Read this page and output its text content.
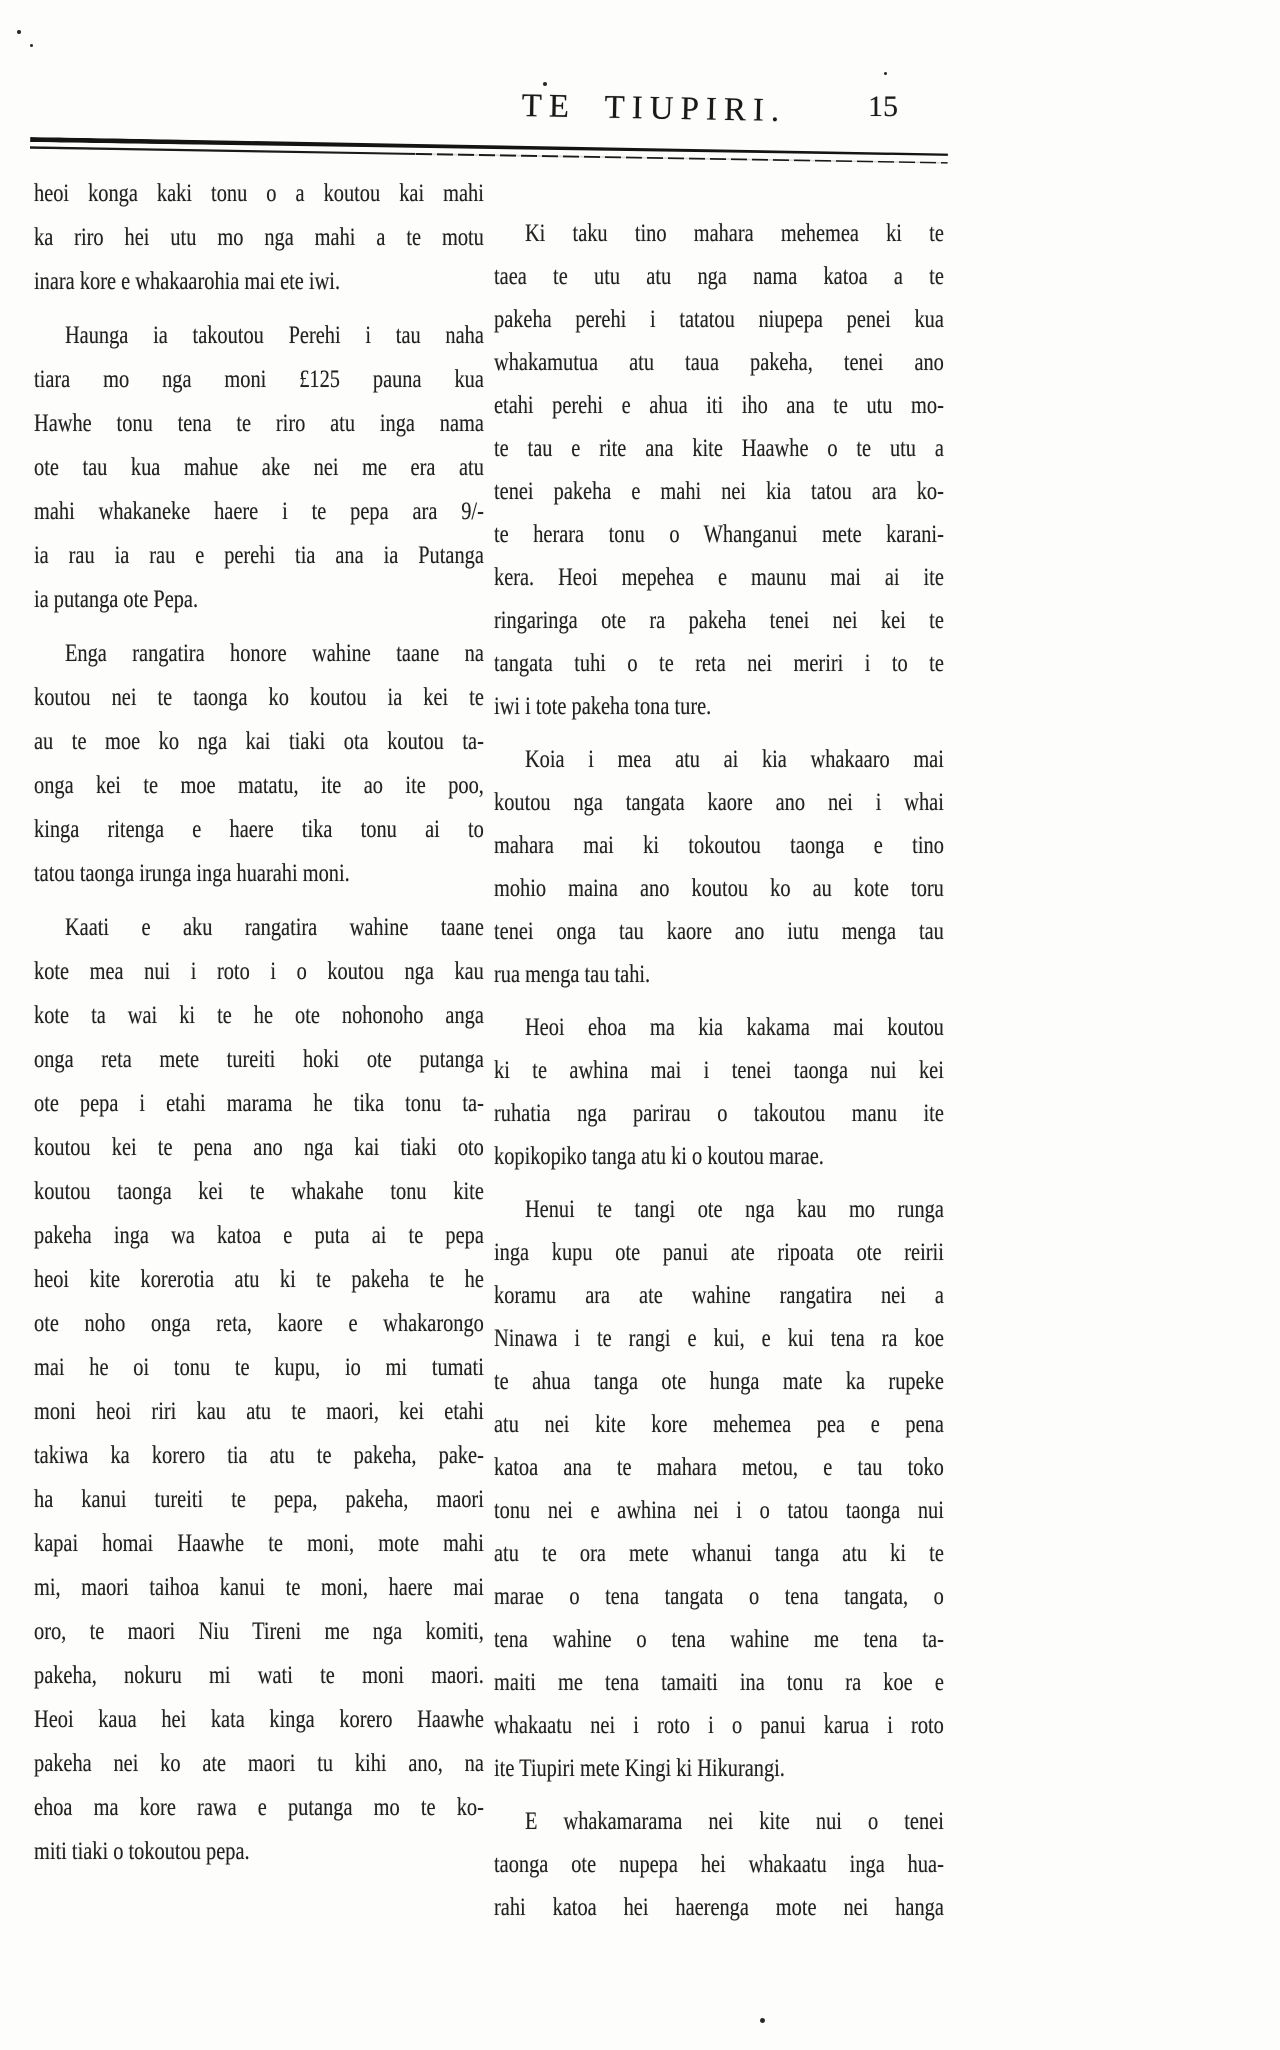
TE TIUPIRI.	15
heoi konga kaki tonu o a koutou kai mahi
ka riro hei utu mo nga mahi a te motu
inara kore e whakaarohia mai ete iwi.
Haunga ia takoutou Perehi i tau naha
tiara mo nga moni £125 pauna kua
Hawhe tonu tena te riro atu inga nama
ote tau kua mahue ake nei me era atu
mahi whakaneke haere i te pepa ara 9/-
ia rau ia rau e perehi tia ana ia Putanga
ia putanga ote Pepa.
Enga rangatira honore wahine taane na
koutou nei te taonga ko koutou ia kei te
au te moe ko nga kai tiaki ota koutou ta-
onga kei te moe matatu, ite ao ite poo,
kinga ritenga e haere tika tonu ai to
tatou taonga irunga inga huarahi moni.
Kaati e aku rangatira wahine taane
kote mea nui i roto i o koutou nga kau
kote ta wai ki te he ote nohonoho anga
onga reta mete tureiti hoki ote putanga
ote pepa i etahi marama he tika tonu ta-
koutou kei te pena ano nga kai tiaki oto
koutou taonga kei te whakahe tonu kite
pakeha inga wa katoa e puta ai te pepa
heoi kite korerotia atu ki te pakeha te he
ote noho onga reta, kaore e whakarongo
mai he oi tonu te kupu, io mi tumati
moni heoi riri kau atu te maori, kei etahi
takiwa ka korero tia atu te pakeha, pake-
ha kanui tureiti te pepa, pakeha, maori
kapai homai Haawhe te moni, mote mahi
mi, maori taihoa kanui te moni, haere mai
oro, te maori Niu Tireni me nga komiti,
pakeha, nokuru mi wati te moni maori.
Heoi kaua hei kata kinga korero Haawhe
pakeha nei ko ate maori tu kihi ano, na
ehoa ma kore rawa e putanga mo te ko-
miti tiaki o tokoutou pepa.
Ki taku tino mahara mehemea ki te
taea te utu atu nga nama katoa a te
pakeha perehi i tatatou niupepa penei kua
whakamutua atu taua pakeha, tenei ano
etahi perehi e ahua iti iho ana te utu mo-
te tau e rite ana kite Haawhe o te utu a
tenei pakeha e mahi nei kia tatou ara ko-
te herara tonu o Whanganui mete karani-
kera. Heoi mepehea e maunu mai ai ite
ringaringa ote ra pakeha tenei nei kei te
tangata tuhi o te reta nei meriri i to te
iwi i tote pakeha tona ture.
Koia i mea atu ai kia whakaaro mai
koutou nga tangata kaore ano nei i whai
mahara mai ki tokoutou taonga e tino
mohio maina ano koutou ko au kote toru
tenei onga tau kaore ano iutu menga tau
rua menga tau tahi.
Heoi ehoa ma kia kakama mai koutou
ki te awhina mai i tenei taonga nui kei
ruhatia nga parirau o takoutou manu ite
kopikopiko tanga atu ki o koutou marae.
Henui te tangi ote nga kau mo runga
inga kupu ote panui ate ripoata ote reirii
koramu ara ate wahine rangatira nei a
Ninawa i te rangi e kui, e kui tena ra koe
te ahua tanga ote hunga mate ka rupeke
atu nei kite kore mehemea pea e pena
katoa ana te mahara metou, e tau toko
tonu nei e awhina nei i o tatou taonga nui
atu te ora mete whanui tanga atu ki te
marae o tena tangata o tena tangata, o
tena wahine o tena wahine me tena ta-
maiti me tena tamaiti ina tonu ra koe e
whakaatu nei i roto i o panui karua i roto
ite Tiupiri mete Kingi ki Hikurangi.
E whakamarama nei kite nui o tenei
taonga ote nupepa hei whakaatu inga hua-
rahi katoa hei haerenga mote nei hanga
